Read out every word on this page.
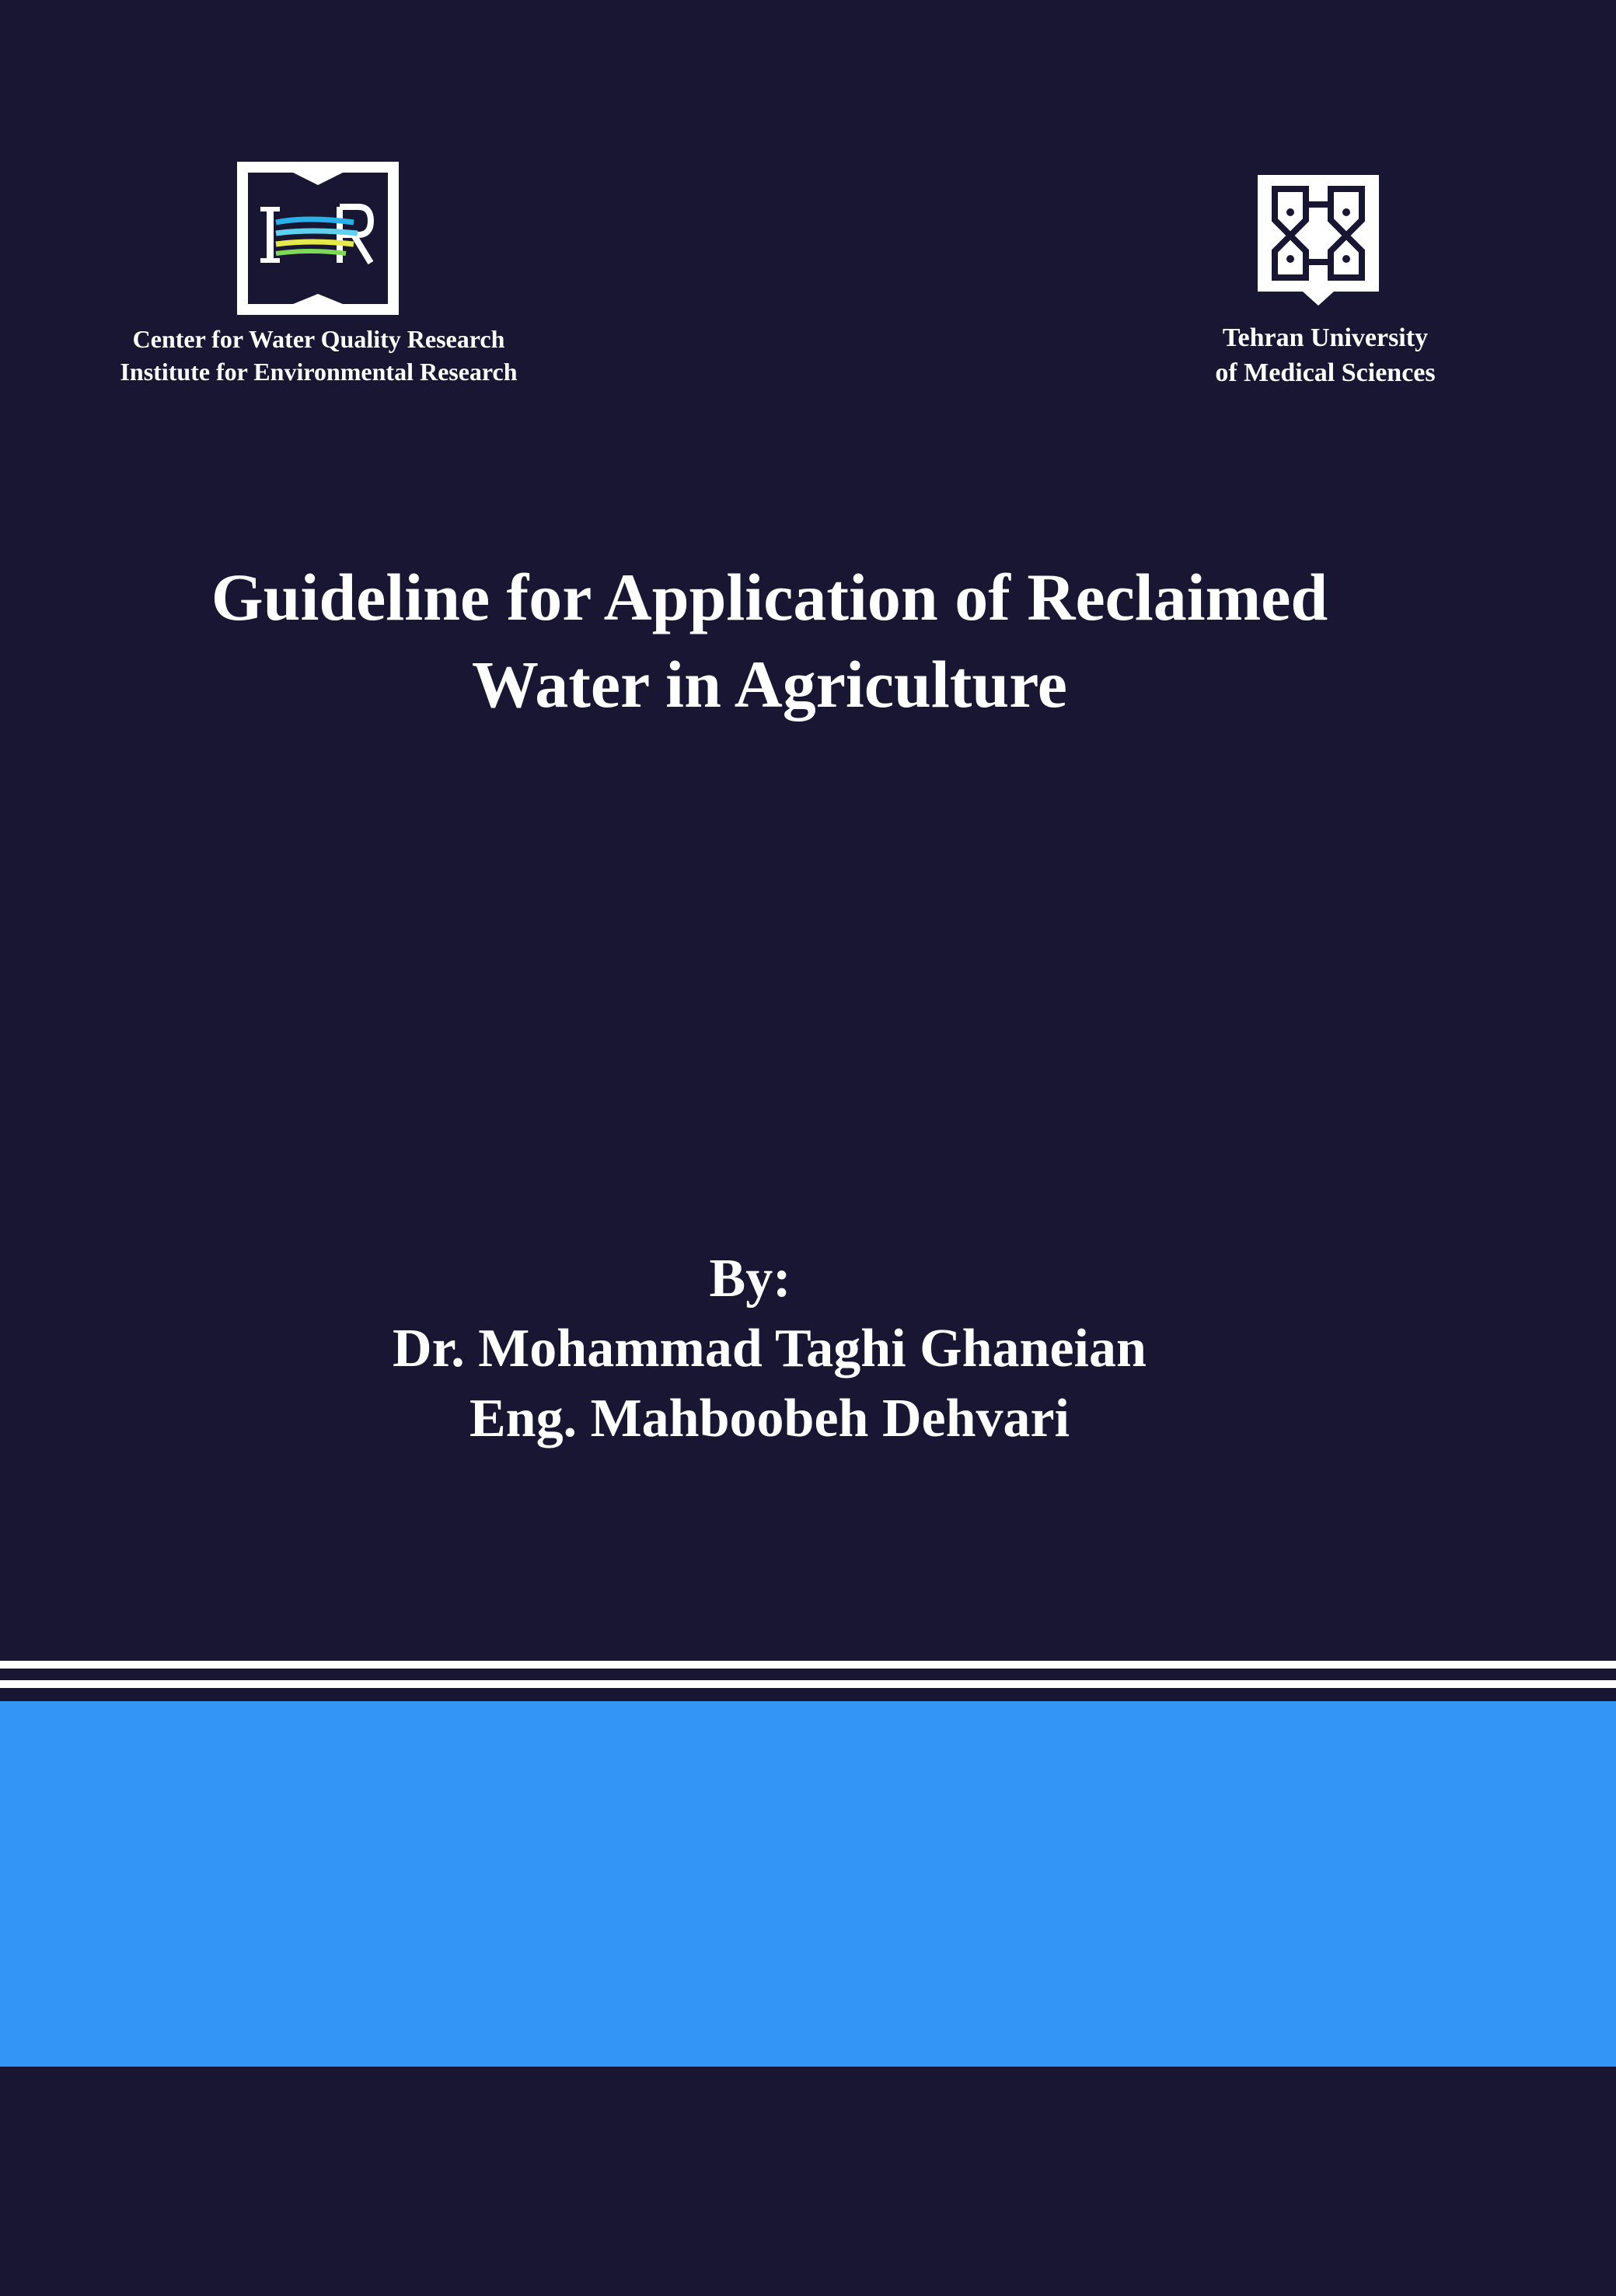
Center for Water Quality Research
Institute for Environmental Research
Tehran University
of Medical Sciences
Guideline for Application of Reclaimed
Water in Agriculture
By:
Dr. Mohammad Taghi Ghaneian
Eng. Mahboobeh Dehvari
